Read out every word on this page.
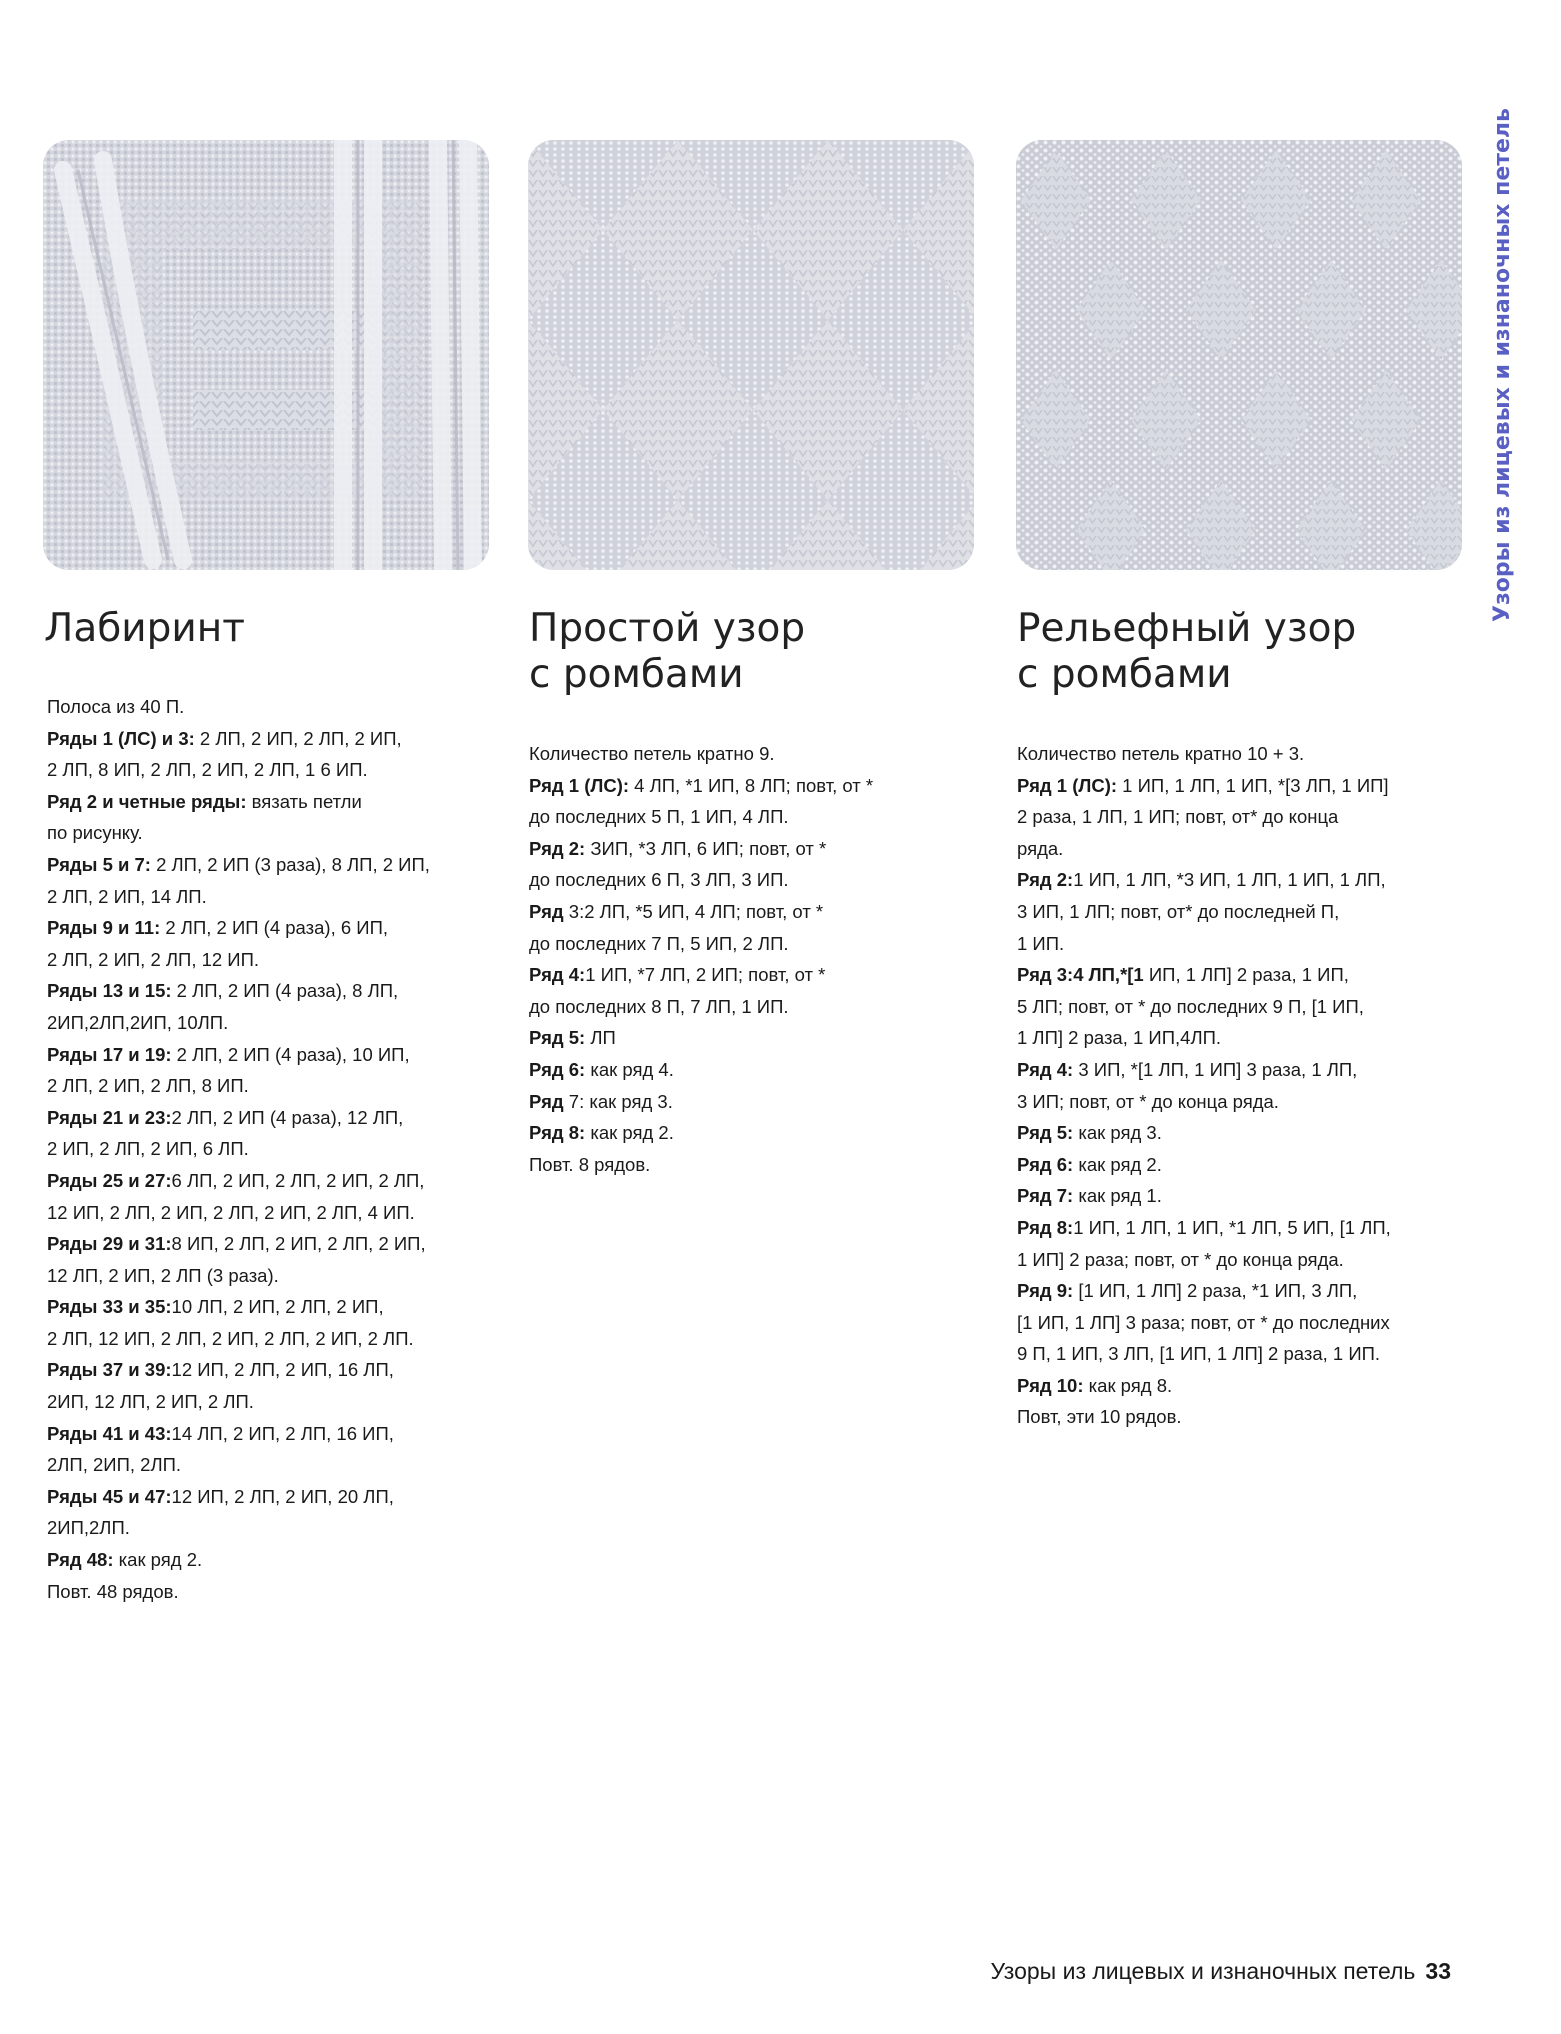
Лабиринт	Простой узор
с ромбами
Рельефный узор
с ромбами
Полоса из 40 П.
Ряды 1 (ЛС) и 3: 2 ЛП, 2 ИП, 2 ЛП, 2 ИП,
2 ЛП, 8 ИП, 2 ЛП, 2 ИП, 2 ЛП, 1 6 ИП.
Ряд 2 и четные ряды: вязать петли
по рисунку.
Ряды 5 и 7: 2 ЛП, 2 ИП (3 раза), 8 ЛП, 2 ИП,
2 ЛП, 2 ИП, 14 ЛП.
Ряды 9 и 11: 2 ЛП, 2 ИП (4 раза), 6 ИП,
2 ЛП, 2 ИП, 2 ЛП, 12 ИП.
Ряды 13 и 15: 2 ЛП, 2 ИП (4 раза), 8 ЛП,
2ИП,2ЛП,2ИП, 10ЛП.
Ряды 17 и 19: 2 ЛП, 2 ИП (4 раза), 10 ИП,
2 ЛП, 2 ИП, 2 ЛП, 8 ИП.
Ряды 21 и 23:2 ЛП, 2 ИП (4 раза), 12 ЛП,
2 ИП, 2 ЛП, 2 ИП, 6 ЛП.
Ряды 25 и 27:6 ЛП, 2 ИП, 2 ЛП, 2 ИП, 2 ЛП,
12 ИП, 2 ЛП, 2 ИП, 2 ЛП, 2 ИП, 2 ЛП, 4 ИП.
Ряды 29 и 31:8 ИП, 2 ЛП, 2 ИП, 2 ЛП, 2 ИП,
12 ЛП, 2 ИП, 2 ЛП (3 раза).
Ряды 33 и 35:10 ЛП, 2 ИП, 2 ЛП, 2 ИП,
2 ЛП, 12 ИП, 2 ЛП, 2 ИП, 2 ЛП, 2 ИП, 2 ЛП.
Ряды 37 и 39:12 ИП, 2 ЛП, 2 ИП, 16 ЛП,
2ИП, 12 ЛП, 2 ИП, 2 ЛП.
Ряды 41 и 43:14 ЛП, 2 ИП, 2 ЛП, 16 ИП,
2ЛП, 2ИП, 2ЛП.
Ряды 45 и 47:12 ИП, 2 ЛП, 2 ИП, 20 ЛП,
2ИП,2ЛП.
Ряд 48: как ряд 2.
Повт. 48 рядов.
Количество петель кратно 9.
Ряд 1 (ЛС): 4 ЛП, *1 ИП, 8 ЛП; повт, от *
до последних 5 П, 1 ИП, 4 ЛП.
Ряд 2: ЗИП, *3 ЛП, 6 ИП; повт, от *
до последних 6 П, 3 ЛП, 3 ИП.
Ряд 3:2 ЛП, *5 ИП, 4 ЛП; повт, от *
до последних 7 П, 5 ИП, 2 ЛП.
Ряд 4:1 ИП, *7 ЛП, 2 ИП; повт, от *
до последних 8 П, 7 ЛП, 1 ИП.
Ряд 5: ЛП
Ряд 6: как ряд 4.
Ряд 7: как ряд 3.
Ряд 8: как ряд 2.
Повт. 8 рядов.
Количество петель кратно 10 + 3.
Ряд 1 (ЛС): 1 ИП, 1 ЛП, 1 ИП, *[3 ЛП, 1 ИП]
2 раза, 1 ЛП, 1 ИП; повт, от* до конца
ряда.
Ряд 2:1 ИП, 1 ЛП, *3 ИП, 1 ЛП, 1 ИП, 1 ЛП,
3 ИП, 1 ЛП; повт, от* до последней П,
1 ИП.
Ряд 3:4 ЛП,*[1 ИП, 1 ЛП] 2 раза, 1 ИП,
5 ЛП; повт, от * до последних 9 П, [1 ИП,
1 ЛП] 2 раза, 1 ИП,4ЛП.
Ряд 4: 3 ИП, *[1 ЛП, 1 ИП] 3 раза, 1 ЛП,
3 ИП; повт, от * до конца ряда.
Ряд 5: как ряд 3.
Ряд 6: как ряд 2.
Ряд 7: как ряд 1.
Ряд 8:1 ИП, 1 ЛП, 1 ИП, *1 ЛП, 5 ИП, [1 ЛП,
1 ИП] 2 раза; повт, от * до конца ряда.
Ряд 9: [1 ИП, 1 ЛП] 2 раза, *1 ИП, 3 ЛП,
[1 ИП, 1 ЛП] 3 раза; повт, от * до последних
9 П, 1 ИП, 3 ЛП, [1 ИП, 1 ЛП] 2 раза, 1 ИП.
Ряд 10: как ряд 8.
Повт, эти 10 рядов.
Узоры из лицевых и изнаночных петель
Узоры из лицевых и изнаночных петель 33
